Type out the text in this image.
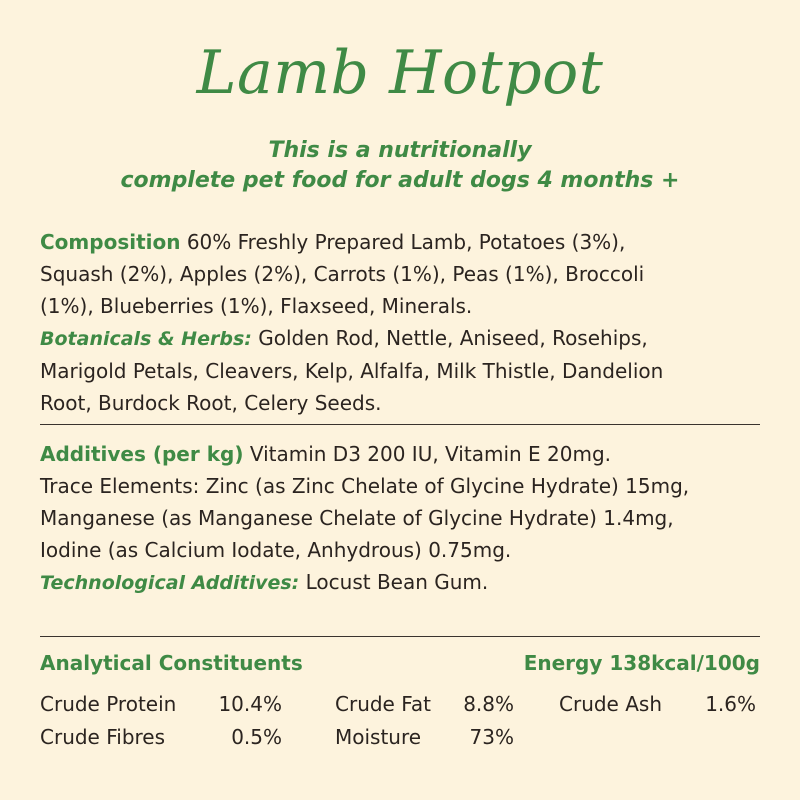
Lamb Hotpot
This is a nutritionally
complete pet food for adult dogs 4 months +
Composition 60% Freshly Prepared Lamb, Potatoes (3%),
Squash (2%), Apples (2%), Carrots (1%), Peas (1%), Broccoli
(1%), Blueberries (1%), Flaxseed, Minerals.
Botanicals & Herbs: Golden Rod, Nettle, Aniseed, Rosehips,
Marigold Petals, Cleavers, Kelp, Alfalfa, Milk Thistle, Dandelion
Root, Burdock Root, Celery Seeds.
Additives (per kg) Vitamin D3 200 IU, Vitamin E 20mg.
Trace Elements: Zinc (as Zinc Chelate of Glycine Hydrate) 15mg,
Manganese (as Manganese Chelate of Glycine Hydrate) 1.4mg,
Iodine (as Calcium Iodate, Anhydrous) 0.75mg.
Technological Additives: Locust Bean Gum.
Analytical Constituents	Energy 138kcal/100g
Crude Protein	10.4%	Crude Fat	8.8% Crude Ash	1.6%
Crude Fibres	0.5%	Moisture	73%
